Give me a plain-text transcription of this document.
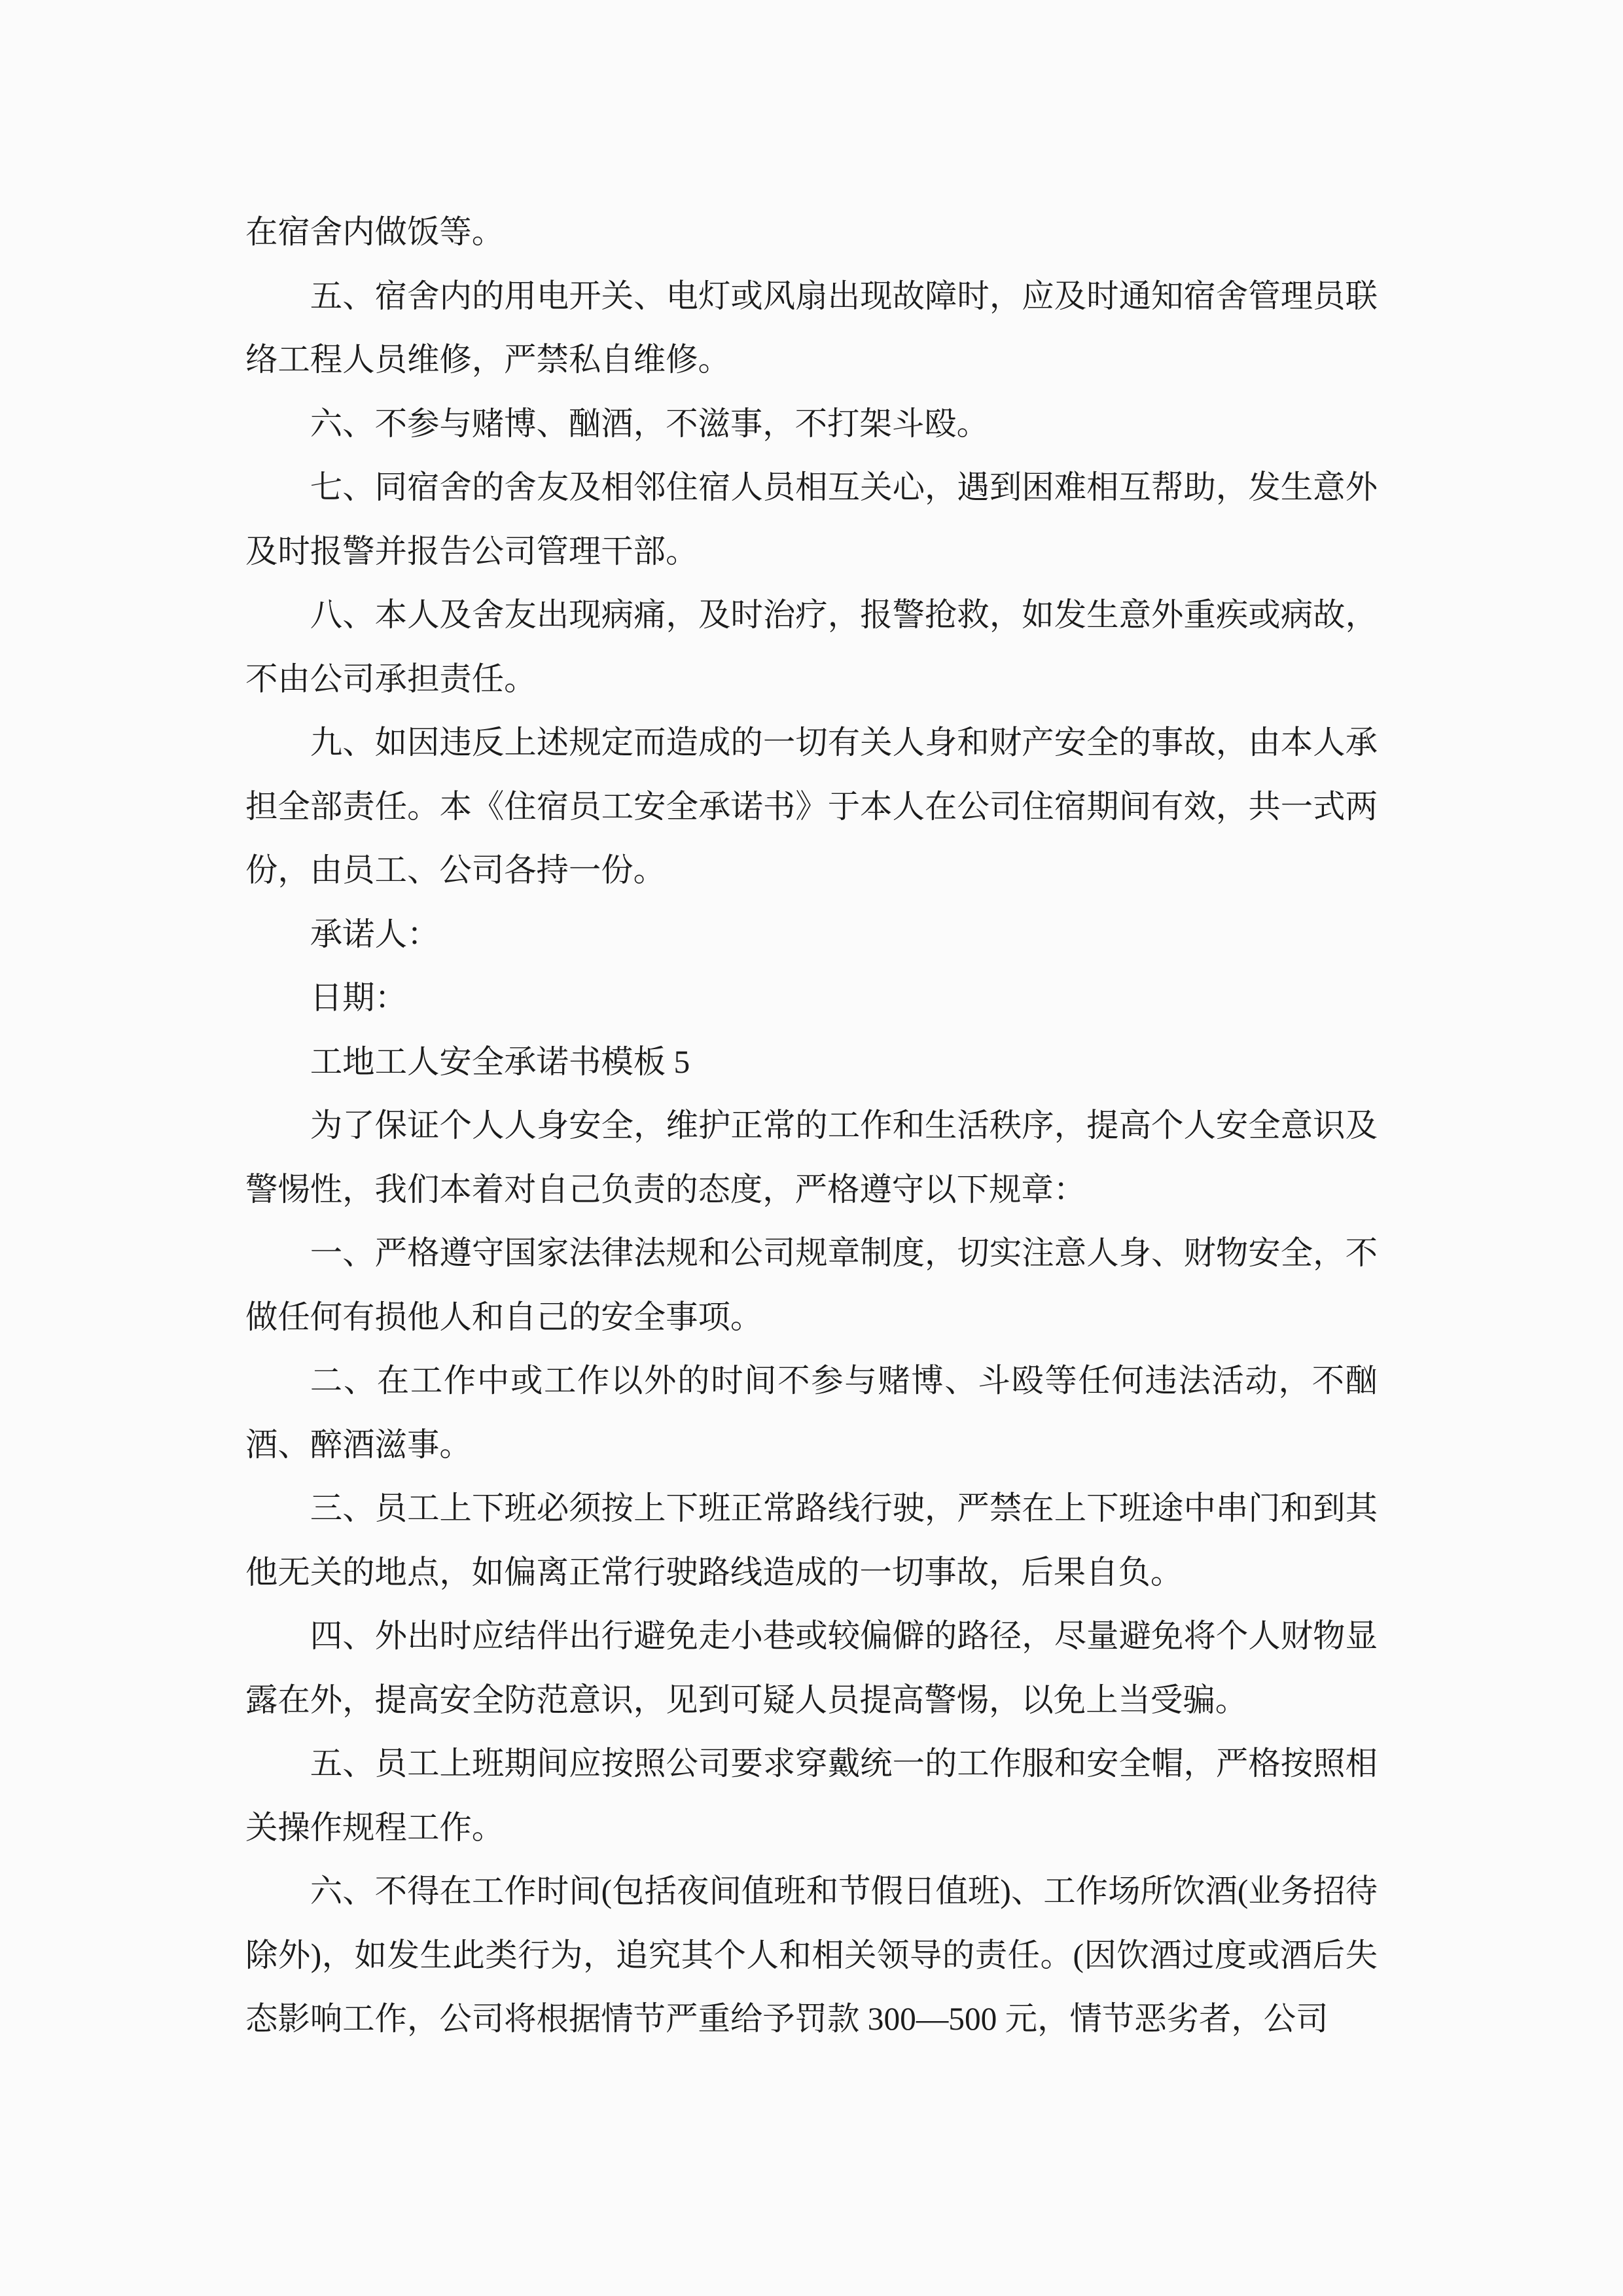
在宿舍内做饭等。

五、宿舍内的用电开关、电灯或风扇出现故障时，应及时通知宿舍管理员联络工程人员维修，严禁私自维修。

六、不参与赌博、酗酒，不滋事，不打架斗殴。

七、同宿舍的舍友及相邻住宿人员相互关心，遇到困难相互帮助，发生意外及时报警并报告公司管理干部。

八、本人及舍友出现病痛，及时治疗，报警抢救，如发生意外重疾或病故，不由公司承担责任。

九、如因违反上述规定而造成的一切有关人身和财产安全的事故，由本人承担全部责任。本《住宿员工安全承诺书》于本人在公司住宿期间有效，共一式两份，由员工、公司各持一份。

承诺人：

日期：

工地工人安全承诺书模板 5

为了保证个人人身安全，维护正常的工作和生活秩序，提高个人安全意识及警惕性，我们本着对自己负责的态度，严格遵守以下规章：

一、严格遵守国家法律法规和公司规章制度，切实注意人身、财物安全，不做任何有损他人和自己的安全事项。

二、在工作中或工作以外的时间不参与赌博、斗殴等任何违法活动，不酗酒、醉酒滋事。

三、员工上下班必须按上下班正常路线行驶，严禁在上下班途中串门和到其他无关的地点，如偏离正常行驶路线造成的一切事故，后果自负。

四、外出时应结伴出行避免走小巷或较偏僻的路径，尽量避免将个人财物显露在外，提高安全防范意识，见到可疑人员提高警惕，以免上当受骗。

五、员工上班期间应按照公司要求穿戴统一的工作服和安全帽，严格按照相关操作规程工作。

六、不得在工作时间(包括夜间值班和节假日值班)、工作场所饮酒(业务招待除外)，如发生此类行为，追究其个人和相关领导的责任。(因饮酒过度或酒后失态影响工作，公司将根据情节严重给予罚款 300—500 元，情节恶劣者，公司
